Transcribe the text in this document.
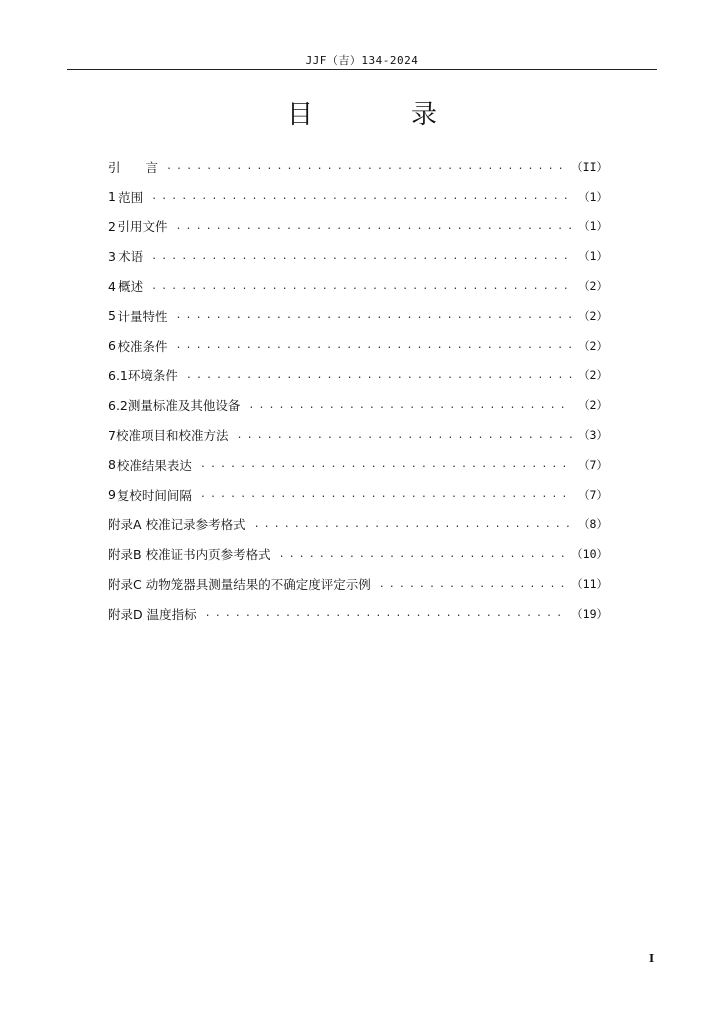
JJF（吉）134-2024
目　录
引　　言 . . .	（II）
1 范围 . . .	（1）
2 引用文件 . . .	（1）
3 术语 . . .	（1）
4 概述 . . .	（2）
5 计量特性 . . .	（2）
6 校准条件 . . .	（2）
6.1 环境条件 . . .	（2）
6.2 测量标准及其他设备 . . .	（2）
7 校准项目和校准方法 . . .	（3）
8 校准结果表达 . . .	（7）
9 复校时间间隔 . . .	（7）
附录A 校准记录参考格式 . . .	（8）
附录B 校准证书内页参考格式 . . .	（10）
附录C 动物笼器具测量结果的不确定度评定示例 . . .	（11）
附录D 温度指标 . . .	（19）
I
